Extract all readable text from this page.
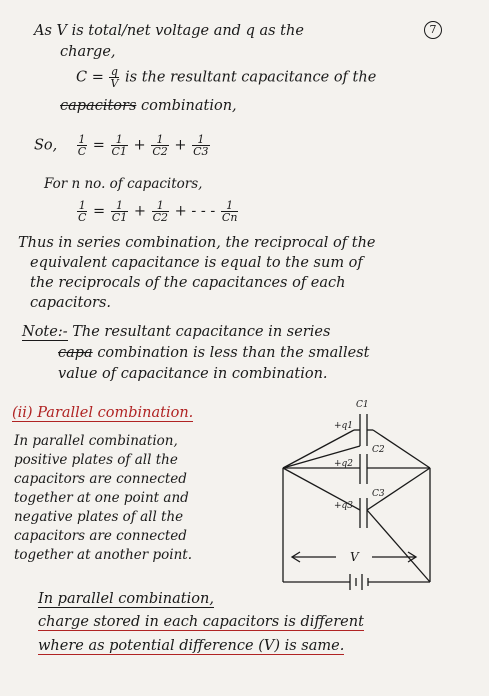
7
As V is total/net voltage and q as the
charge,
$C = \frac{q}{V}$ is the resultant capacitance of the
capacitors combination,
So, $\frac{1}{C} = \frac{1}{C1} + \frac{1}{C2} + \frac{1}{C3}$
For n no. of capacitors,
$\frac{1}{C} = \frac{1}{C1} + \frac{1}{C2}$ + - - - $\frac{1}{Cn}$
Thus in series combination, the reciprocal of the
equivalent capacitance is equal to the sum of
the reciprocals of the capacitances of each
capacitors.
Note:- The resultant capacitance in series
capa combination is less than the smallest
value of capacitance in combination.
(ii) Parallel combination.
In parallel combination,
positive plates of all the
capacitors are connected
together at one point and
negative plates of all the
capacitors are connected
together at another point.
C1
+q1
C2
+q2
C3
+q3
V
In parallel combination,
charge stored in each capacitors is different
where as potential difference (V) is same.
